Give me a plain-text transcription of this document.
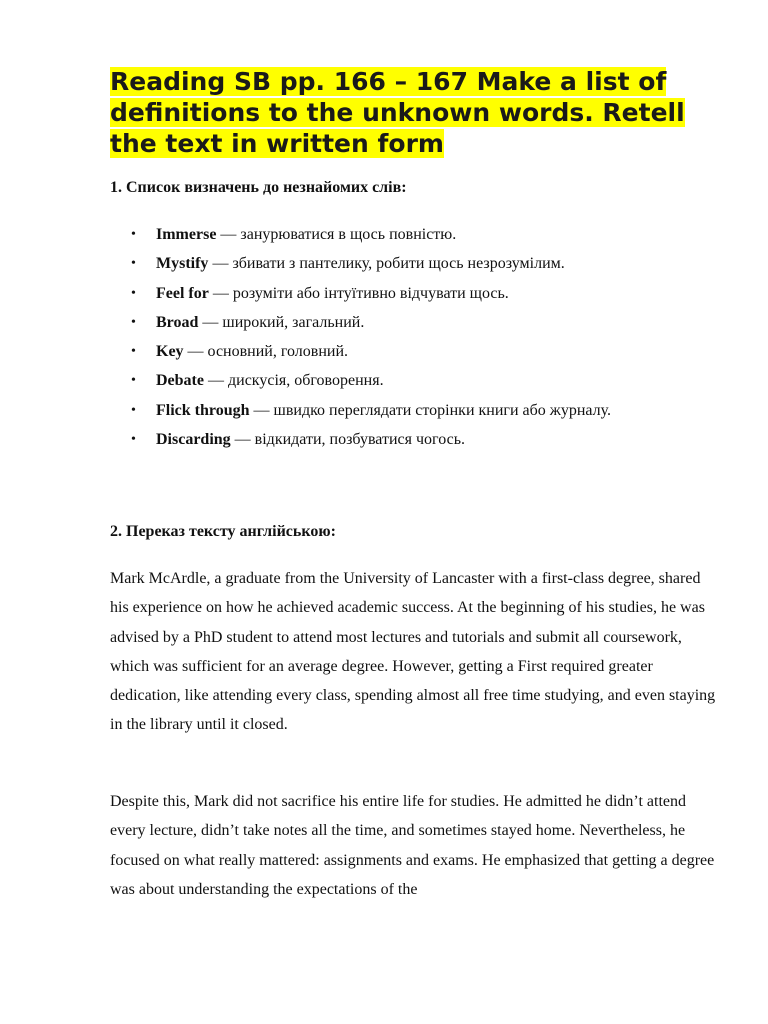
Reading SB pp. 166 – 167 Make a list of definitions to the unknown words. Retell the text in written form

1. Список визначень до незнайомих слів:

• Immerse — занурюватися в щось повністю.
• Mystify — збивати з пантелику, робити щось незрозумілим.
• Feel for — розуміти або інтуїтивно відчувати щось.
• Broad — широкий, загальний.
• Key — основний, головний.
• Debate — дискусія, обговорення.
• Flick through — швидко переглядати сторінки книги або журналу.
• Discarding — відкидати, позбуватися чогось.

2. Переказ тексту англійською:

Mark McArdle, a graduate from the University of Lancaster with a first-class degree, shared his experience on how he achieved academic success. At the beginning of his studies, he was advised by a PhD student to attend most lectures and tutorials and submit all coursework, which was sufficient for an average degree. However, getting a First required greater dedication, like attending every class, spending almost all free time studying, and even staying in the library until it closed.

Despite this, Mark did not sacrifice his entire life for studies. He admitted he didn’t attend every lecture, didn’t take notes all the time, and sometimes stayed home. Nevertheless, he focused on what really mattered: assignments and exams. He emphasized that getting a degree was about understanding the expectations of the
